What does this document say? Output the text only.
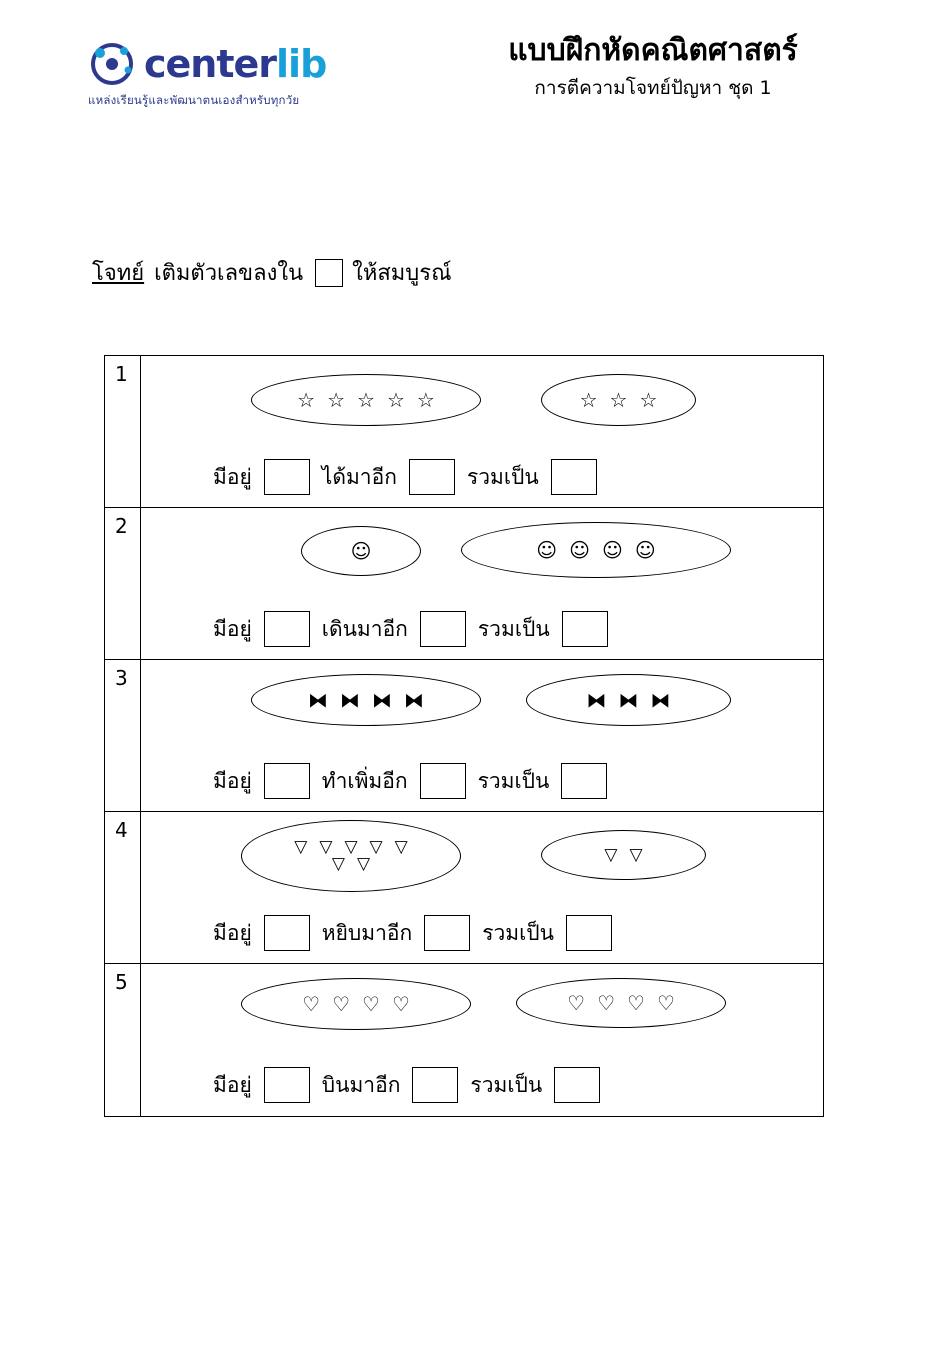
centerlib
แหล่งเรียนรู้และพัฒนาตนเองสำหรับทุกวัย
แบบฝึกหัดคณิตศาสตร์
การตีความโจทย์ปัญหา ชุด 1
โจทย์ เติมตัวเลขลงใน ให้สมบูรณ์
1
☆ ☆ ☆ ☆ ☆	☆ ☆ ☆
มีอยู่	ได้มาอีก	รวมเป็น
2
☺	☺ ☺ ☺ ☺
มีอยู่	เดินมาอีก	รวมเป็น
3
⧓ ⧓ ⧓ ⧓	⧓ ⧓ ⧓
มีอยู่	ทำเพิ่มอีก	รวมเป็น
4
▽ ▽ ▽ ▽ ▽
▽ ▽	▽ ▽
มีอยู่	หยิบมาอีก	รวมเป็น
5
♡ ♡ ♡ ♡	♡ ♡ ♡ ♡
มีอยู่	บินมาอีก	รวมเป็น
